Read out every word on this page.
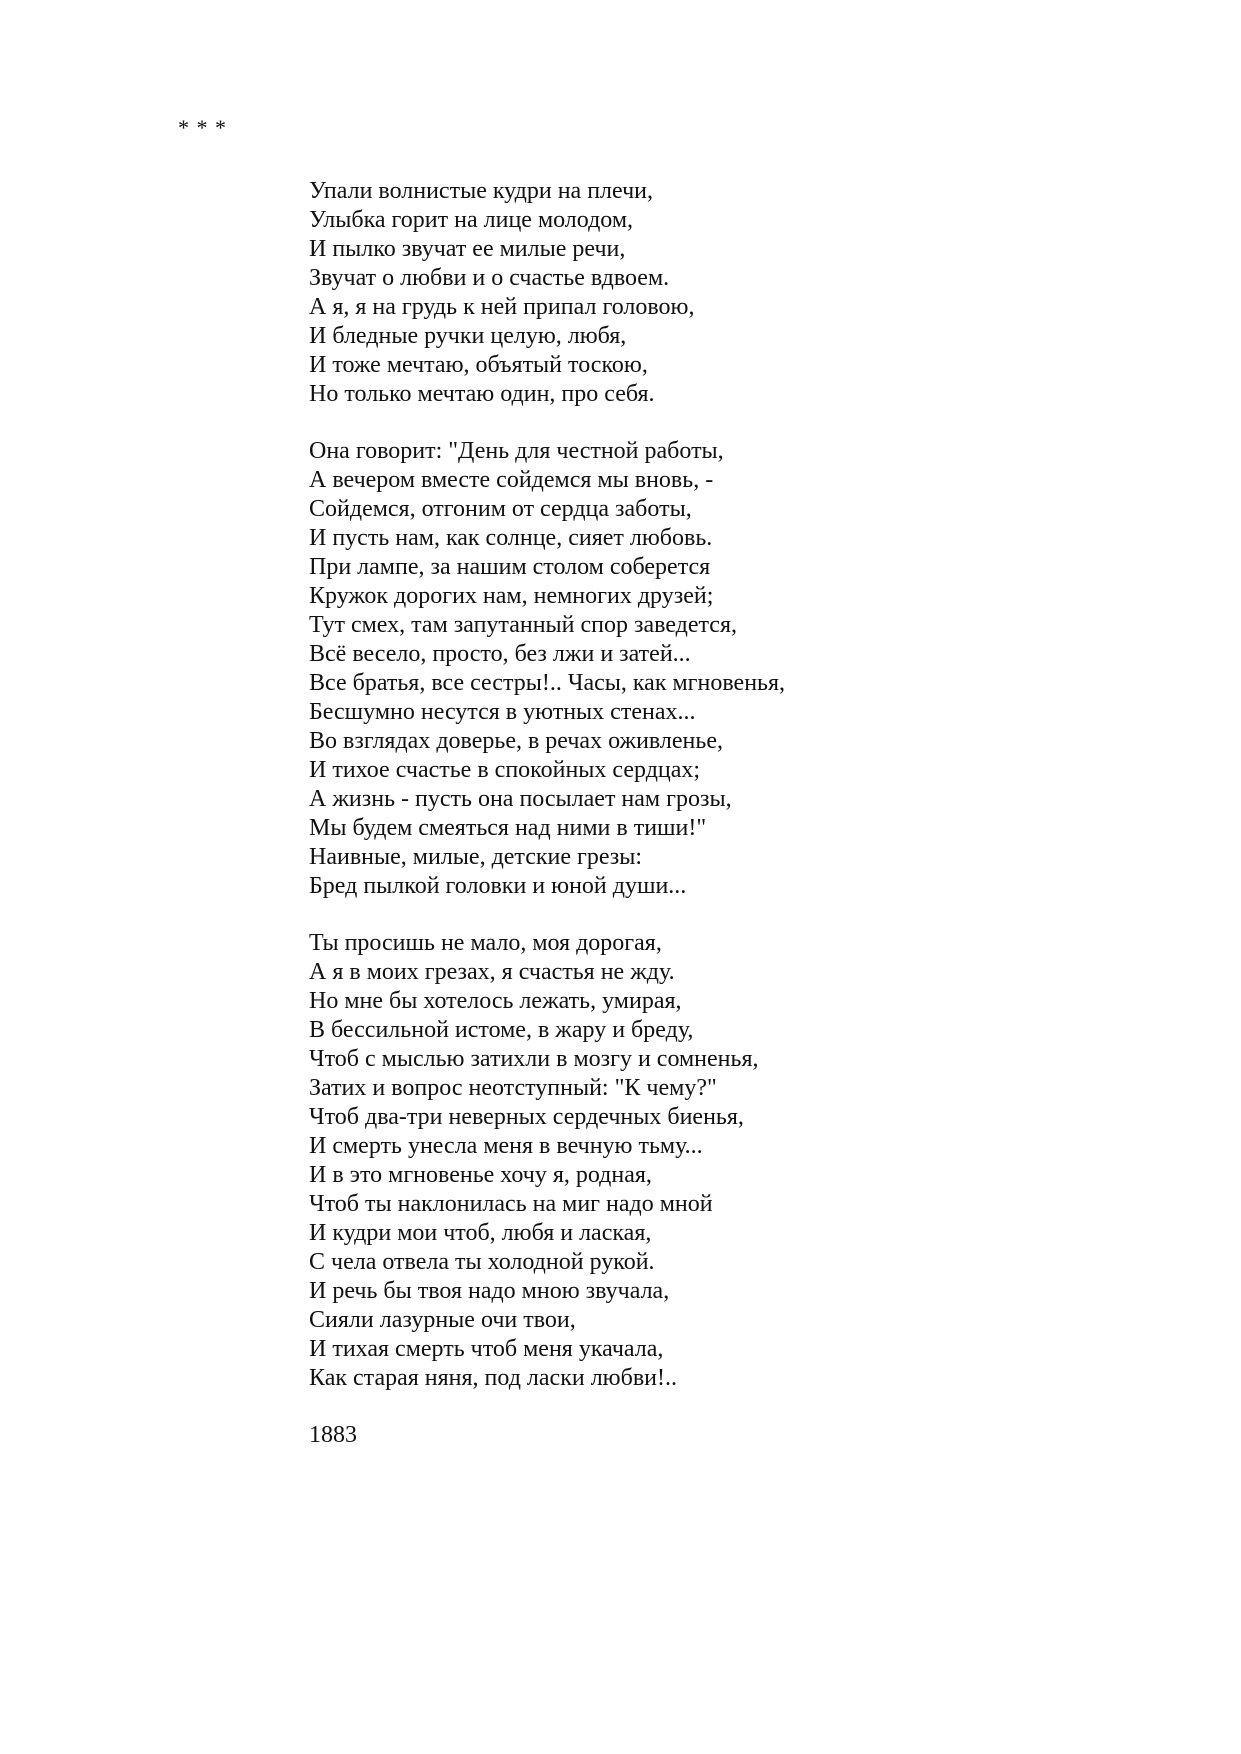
* * *

Упали волнистые кудри на плечи,
Улыбка горит на лице молодом,
И пылко звучат ее милые речи,
Звучат о любви и о счастье вдвоем.
А я, я на грудь к ней припал головою,
И бледные ручки целую, любя,
И тоже мечтаю, объятый тоскою,
Но только мечтаю один, про себя.
Она говорит: "День для честной работы,
А вечером вместе сойдемся мы вновь, -
Сойдемся, отгоним от сердца заботы,
И пусть нам, как солнце, сияет любовь.
При лампе, за нашим столом соберется
Кружок дорогих нам, немногих друзей;
Тут смех, там запутанный спор заведется,
Всё весело, просто, без лжи и затей...
Все братья, все сестры!.. Часы, как мгновенья,
Бесшумно несутся в уютных стенах...
Во взглядах доверье, в речах оживленье,
И тихое счастье в спокойных сердцах;
А жизнь - пусть она посылает нам грозы,
Мы будем смеяться над ними в тиши!"
Наивные, милые, детские грезы:
Бред пылкой головки и юной души...
Ты просишь не мало, моя дорогая,
А я в моих грезах, я счастья не жду.
Но мне бы хотелось лежать, умирая,
В бессильной истоме, в жару и бреду,
Чтоб с мыслью затихли в мозгу и сомненья,
Затих и вопрос неотступный: "К чему?"
Чтоб два-три неверных сердечных биенья,
И смерть унесла меня в вечную тьму...
И в это мгновенье хочу я, родная,
Чтоб ты наклонилась на миг надо мной
И кудри мои чтоб, любя и лаская,
С чела отвела ты холодной рукой.
И речь бы твоя надо мною звучала,
Сияли лазурные очи твои,
И тихая смерть чтоб меня укачала,
Как старая няня, под ласки любви!..
1883
